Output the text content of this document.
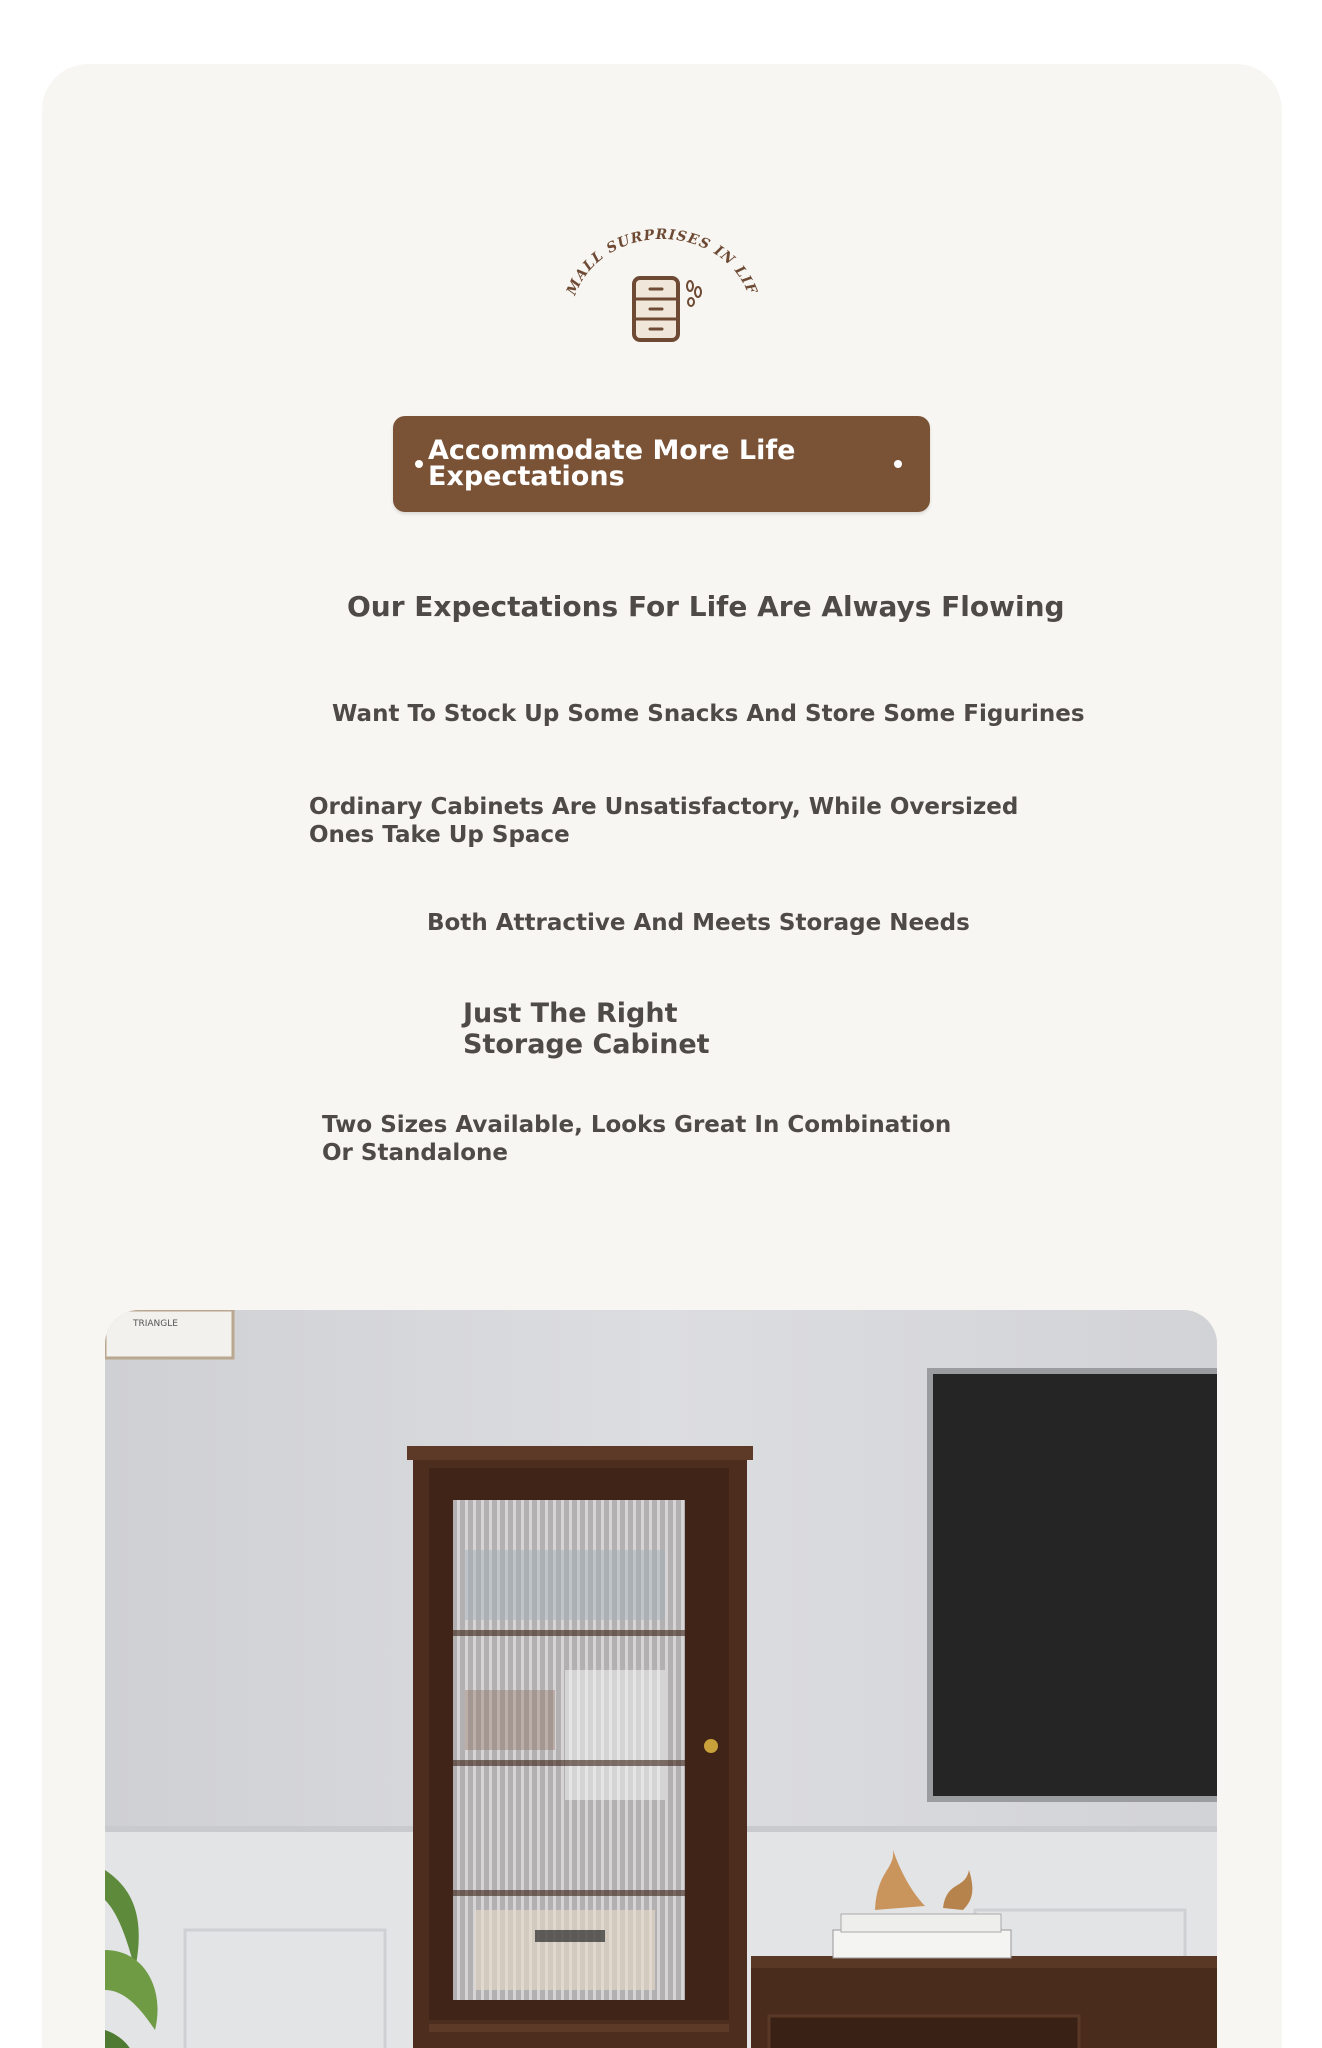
MALL SURPRISES IN LIF
Accommodate More Life Expectations

Our Expectations For Life Are Always Flowing

Want To Stock Up Some Snacks And Store Some Figurines

Ordinary Cabinets Are Unsatisfactory, While Oversized Ones Take Up Space

Both Attractive And Meets Storage Needs

Just The Right Storage Cabinet

Two Sizes Available, Looks Great In Combination Or Standalone

TRIANGLE
